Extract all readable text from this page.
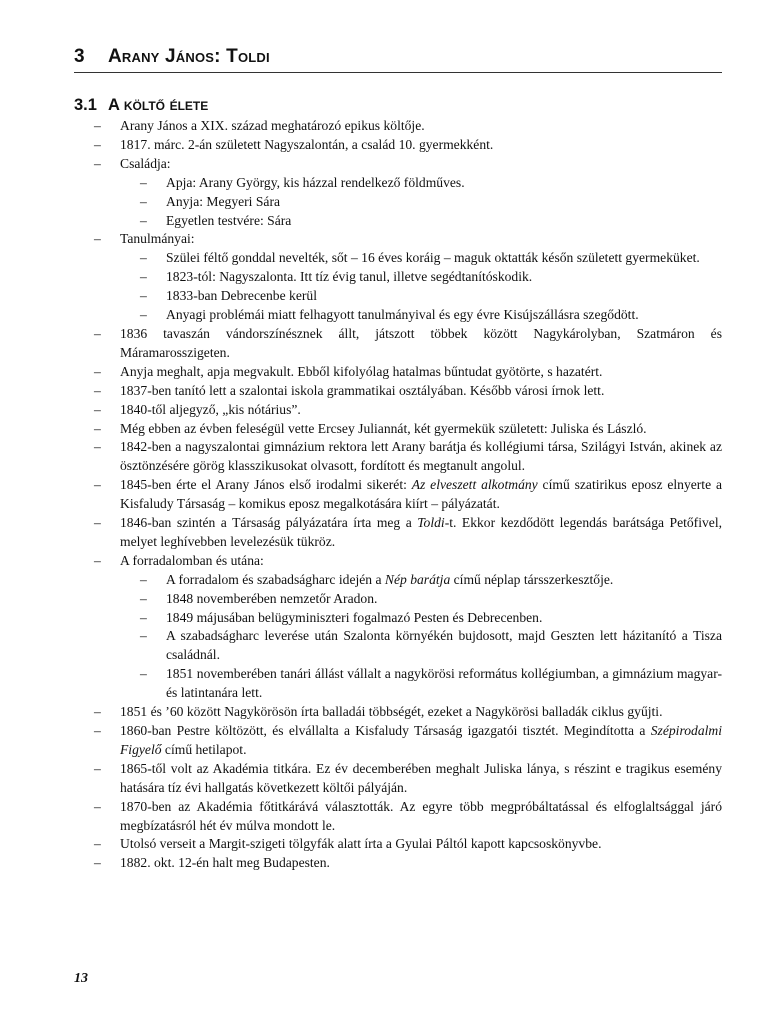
3 Arany János: Toldi
3.1 A költő élete
– Arany János a XIX. század meghatározó epikus költője.
– 1817. márc. 2-án született Nagyszalontán, a család 10. gyermekként.
– Családja:
– Apja: Arany György, kis házzal rendelkező földműves.
– Anyja: Megyeri Sára
– Egyetlen testvére: Sára
– Tanulmányai:
– Szülei féltő gonddal nevelték, sőt – 16 éves koráig – maguk oktatták későn született gyermeküket.
– 1823-tól: Nagyszalonta. Itt tíz évig tanul, illetve segédtanítóskodik.
– 1833-ban Debrecenbe kerül
– Anyagi problémái miatt felhagyott tanulmányival és egy évre Kisújszállásra szegődött.
– 1836 tavaszán vándorszínésznek állt, játszott többek között Nagykárolyban, Szatmáron és Máramarosszigeten.
– Anyja meghalt, apja megvakult. Ebből kifolyólag hatalmas bűntudat gyötörte, s hazatért.
– 1837-ben tanító lett a szalontai iskola grammatikai osztályában. Később városi írnok lett.
– 1840-től aljegyző, „kis nótárius”.
– Még ebben az évben feleségül vette Ercsey Juliannát, két gyermekük született: Juliska és László.
– 1842-ben a nagyszalontai gimnázium rektora lett Arany barátja és kollégiumi társa, Szilágyi István, akinek az ösztönzésére görög klasszikusokat olvasott, fordított és megtanult angolul.
– 1845-ben érte el Arany János első irodalmi sikerét: Az elveszett alkotmány című szatirikus eposz elnyerte a Kisfaludy Társaság – komikus eposz megalkotására kiírt – pályázatát.
– 1846-ban szintén a Társaság pályázatára írta meg a Toldi-t. Ekkor kezdődött legendás barátsága Petőfivel, melyet leghívebben levelezésük tükröz.
– A forradalomban és utána:
– A forradalom és szabadságharc idején a Nép barátja című néplap társszerkesztője.
– 1848 novemberében nemzetőr Aradon.
– 1849 májusában belügyminiszteri fogalmazó Pesten és Debrecenben.
– A szabadságharc leverése után Szalonta környékén bujdosott, majd Geszten lett házitanító a Tisza családnál.
– 1851 novemberében tanári állást vállalt a nagykörösi református kollégiumban, a gimnázium magyar- és latintanára lett.
– 1851 és ’60 között Nagykörösön írta balladái többségét, ezeket a Nagykörösi balladák ciklus gyűjti.
– 1860-ban Pestre költözött, és elvállalta a Kisfaludy Társaság igazgatói tisztét. Megindította a Szépirodalmi Figyelő című hetilapot.
– 1865-től volt az Akadémia titkára. Ez év decemberében meghalt Juliska lánya, s részint e tragikus esemény hatására tíz évi hallgatás következett költői pályáján.
– 1870-ben az Akadémia főtitkárává választották. Az egyre több megpróbáltatással és elfoglaltsággal járó megbízatásról hét év múlva mondott le.
– Utolsó verseit a Margit-szigeti tölgyfák alatt írta a Gyulai Páltól kapott kapcsoskönyvbe.
– 1882. okt. 12-én halt meg Budapesten.
13
